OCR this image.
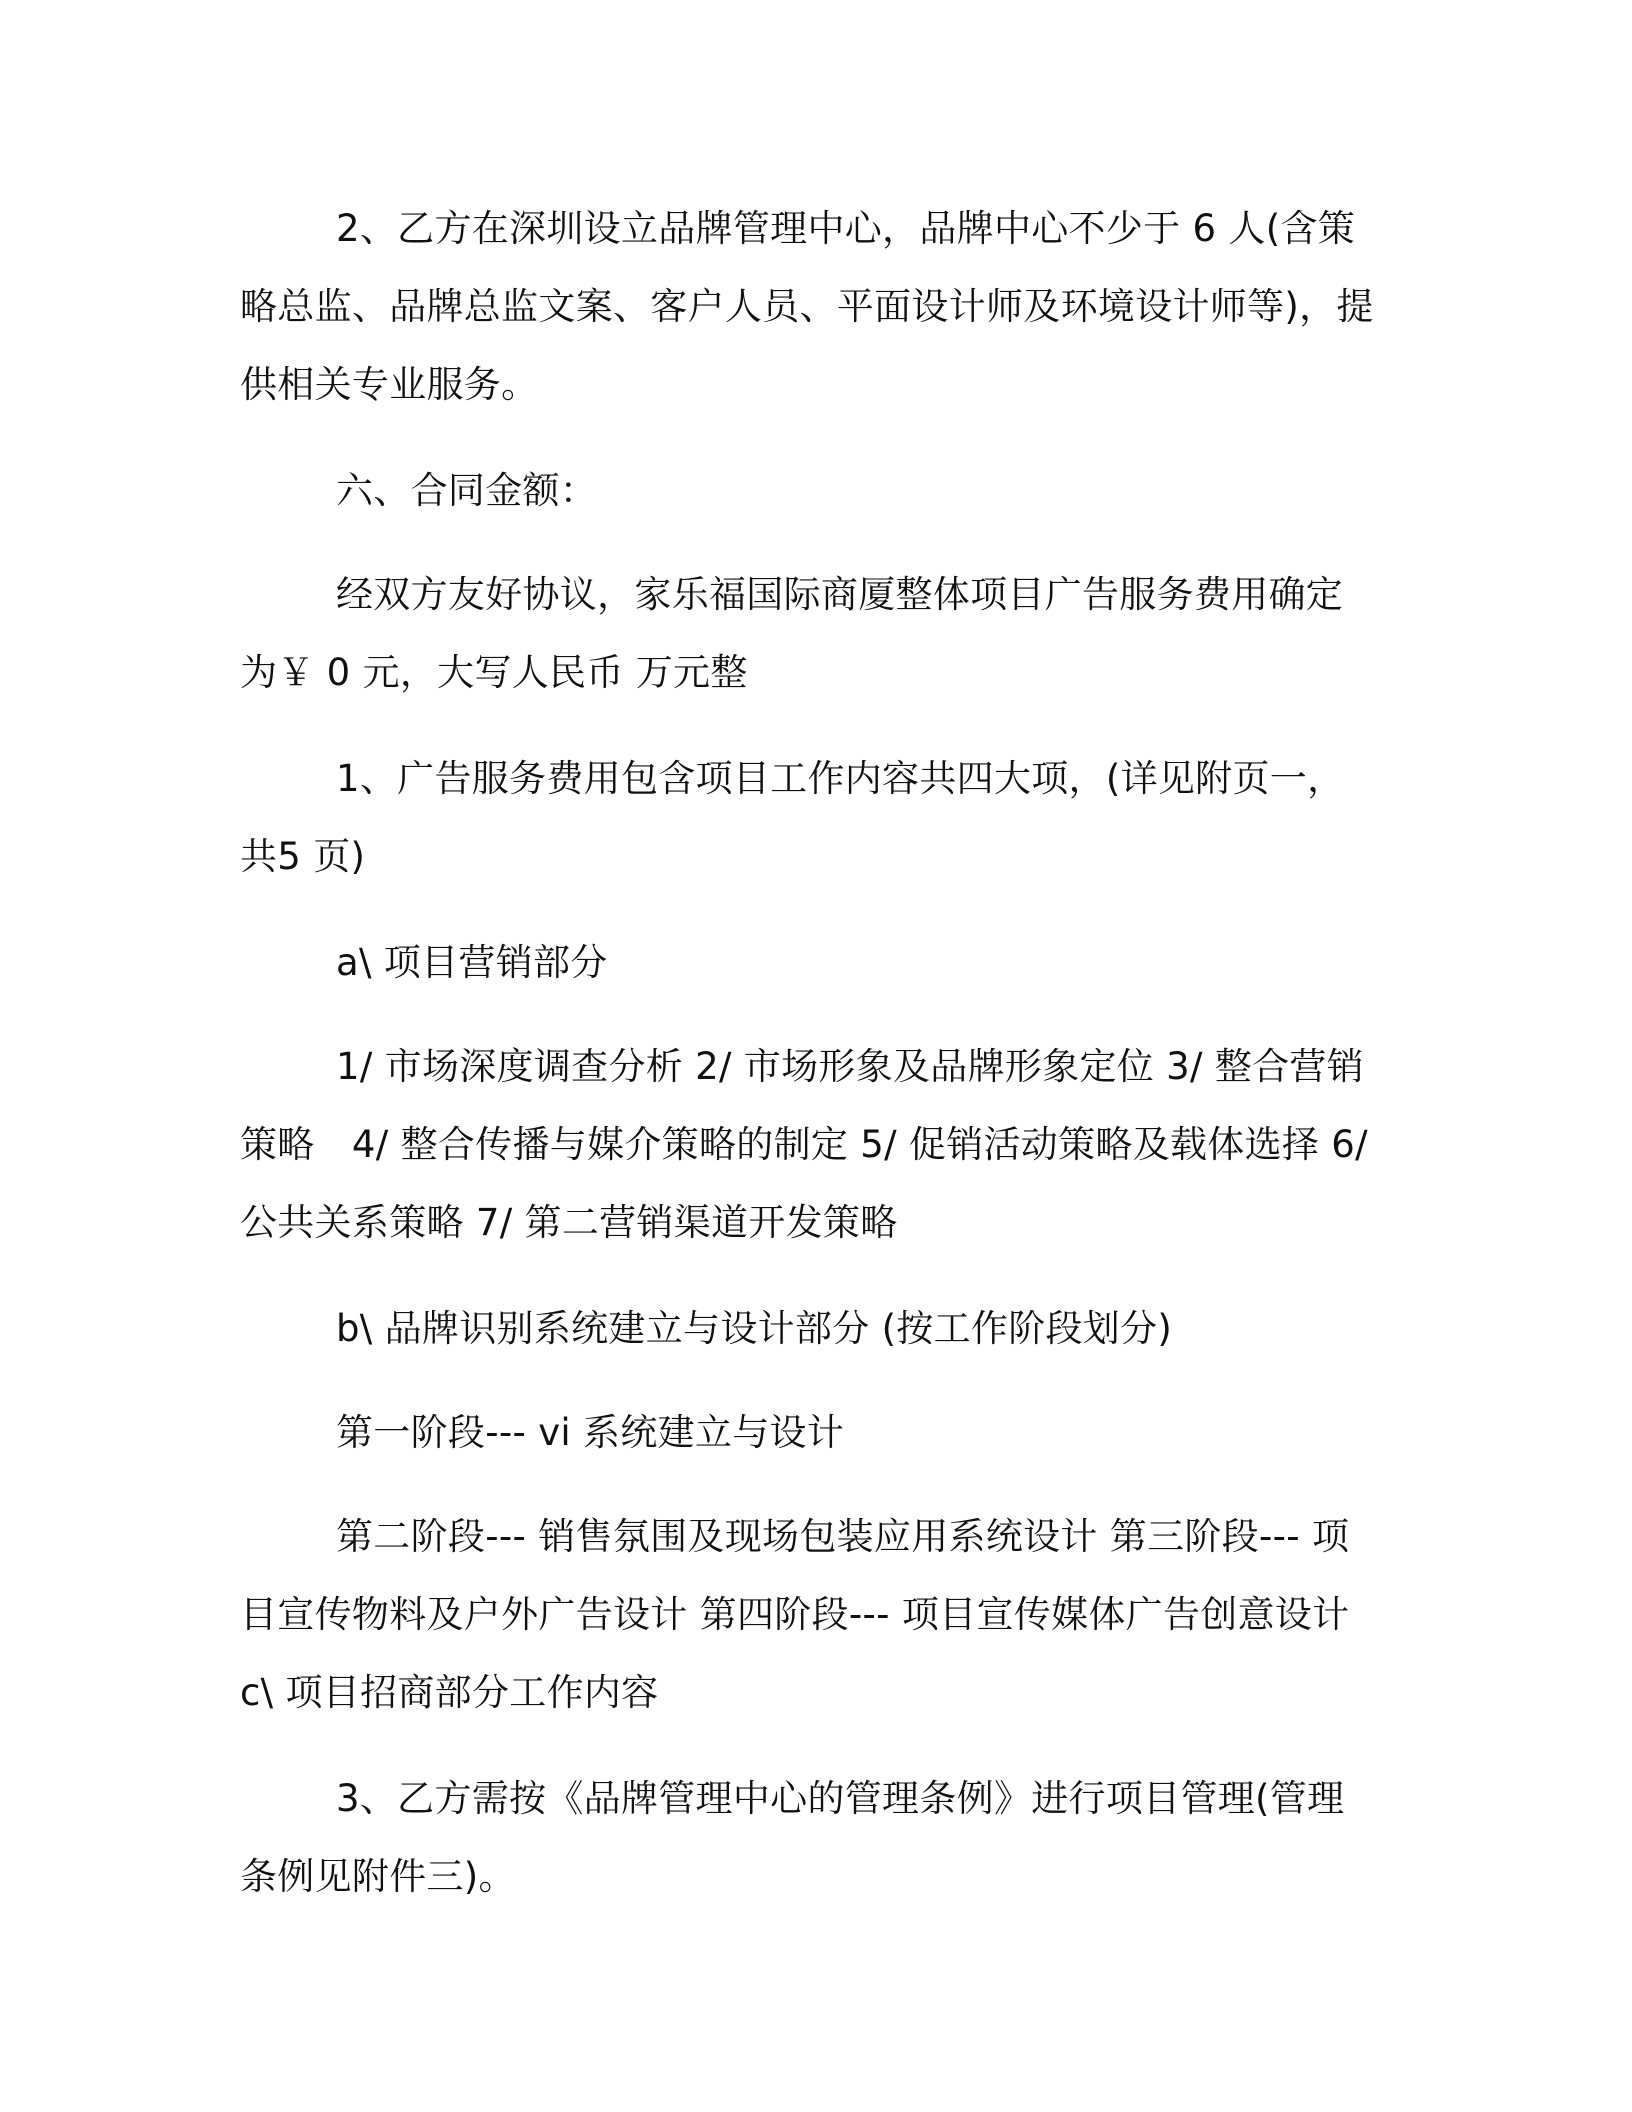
2、乙方在深圳设立品牌管理中心，品牌中心不少于 6 人(含策略总监、品牌总监文案、客户人员、平面设计师及环境设计师等)，提供相关专业服务。

六、合同金额：

经双方友好协议，家乐福国际商厦整体项目广告服务费用确定为￥ 0 元，大写人民币 万元整

1、广告服务费用包含项目工作内容共四大项，(详见附页一，共5 页)

a\ 项目营销部分

1/ 市场深度调查分析 2/ 市场形象及品牌形象定位 3/ 整合营销策略　4/ 整合传播与媒介策略的制定 5/ 促销活动策略及载体选择 6/ 公共关系策略 7/ 第二营销渠道开发策略

b\ 品牌识别系统建立与设计部分 (按工作阶段划分)

第一阶段--- vi 系统建立与设计

第二阶段--- 销售氛围及现场包装应用系统设计 第三阶段--- 项目宣传物料及户外广告设计 第四阶段--- 项目宣传媒体广告创意设计 c\ 项目招商部分工作内容

3、乙方需按《品牌管理中心的管理条例》进行项目管理(管理条例见附件三)。
